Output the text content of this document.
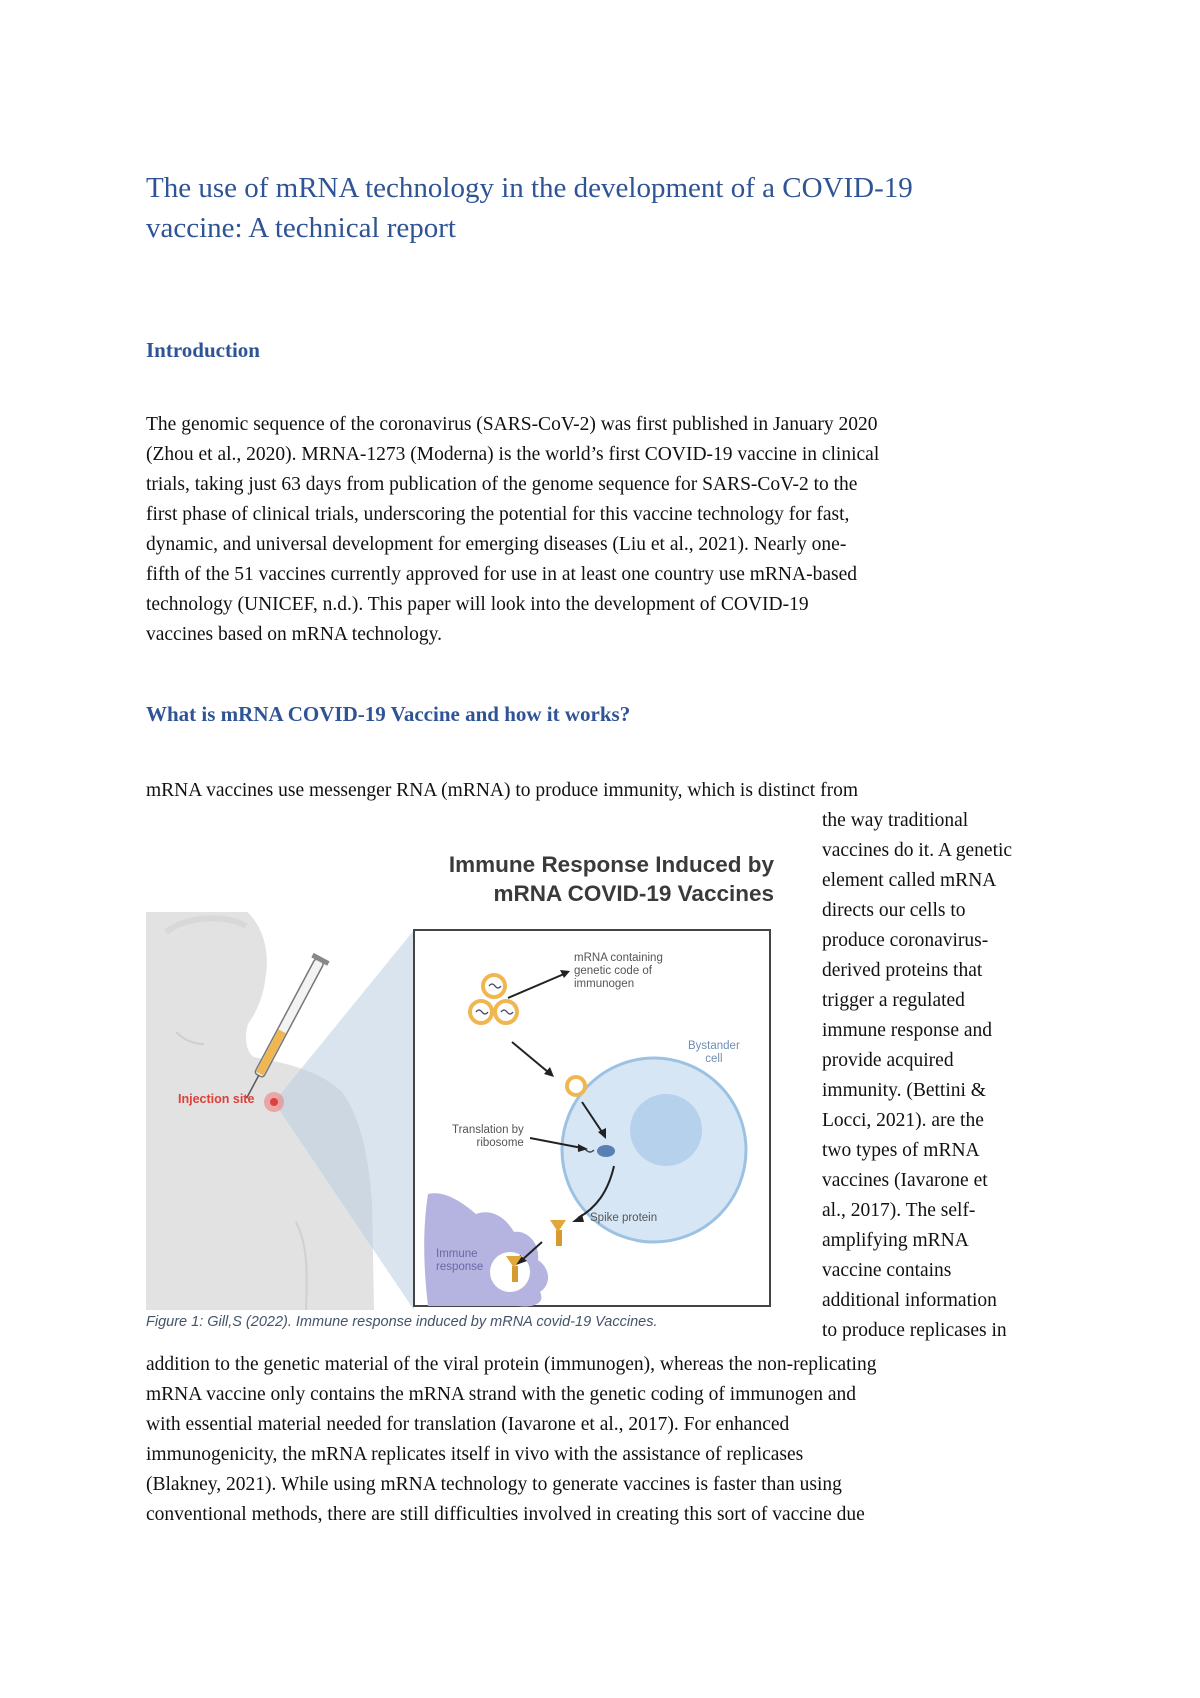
The use of mRNA technology in the development of a COVID-19
vaccine: A technical report
Introduction
The genomic sequence of the coronavirus (SARS-CoV-2) was first published in January 2020
(Zhou et al., 2020). MRNA-1273 (Moderna) is the world’s first COVID-19 vaccine in clinical
trials, taking just 63 days from publication of the genome sequence for SARS-CoV-2 to the
first phase of clinical trials, underscoring the potential for this vaccine technology for fast,
dynamic, and universal development for emerging diseases (Liu et al., 2021). Nearly one-
fifth of the 51 vaccines currently approved for use in at least one country use mRNA-based
technology (UNICEF, n.d.). This paper will look into the development of COVID-19
vaccines based on mRNA technology.
What is mRNA COVID-19 Vaccine and how it works?
mRNA vaccines use messenger RNA (mRNA) to produce immunity, which is distinct from
the way traditional
vaccines do it. A genetic
element called mRNA
directs our cells to
produce coronavirus-
derived proteins that
trigger a regulated
immune response and
provide acquired
immunity. (Bettini &
Locci, 2021). are the
two types of mRNA
vaccines (Iavarone et
al., 2017). The self-
amplifying mRNA
vaccine contains
additional information
to produce replicases in
Immune Response Induced by
mRNA COVID-19 Vaccines
mRNA containing
genetic code of
immunogen
Bystander
cell
Translation by
ribosome
Spike protein
Immune
response
Injection site
Figure 1: Gill,S (2022). Immune response induced by mRNA covid-19 Vaccines.
addition to the genetic material of the viral protein (immunogen), whereas the non-replicating
mRNA vaccine only contains the mRNA strand with the genetic coding of immunogen and
with essential material needed for translation (Iavarone et al., 2017). For enhanced
immunogenicity, the mRNA replicates itself in vivo with the assistance of replicases
(Blakney, 2021). While using mRNA technology to generate vaccines is faster than using
conventional methods, there are still difficulties involved in creating this sort of vaccine due
